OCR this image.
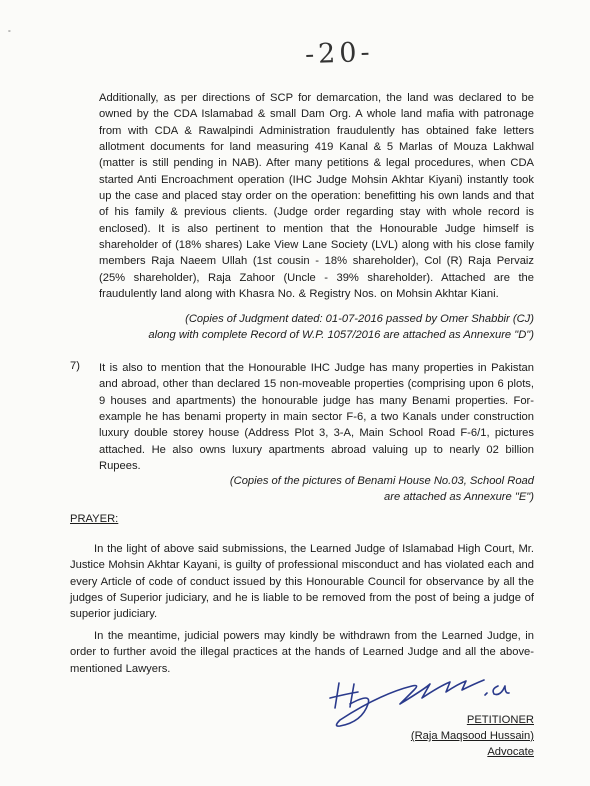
°
-20-

Additionally, as per directions of SCP for demarcation, the land was declared to be owned by the CDA Islamabad & small Dam Org. A whole land mafia with patronage from with CDA & Rawalpindi Administration fraudulently has obtained fake letters allotment documents for land measuring 419 Kanal & 5 Marlas of Mouza Lakhwal (matter is still pending in NAB). After many petitions & legal procedures, when CDA started Anti Encroachment operation (IHC Judge Mohsin Akhtar Kiyani) instantly took up the case and placed stay order on the operation: benefitting his own lands and that of his family & previous clients. (Judge order regarding stay with whole record is enclosed). It is also pertinent to mention that the Honourable Judge himself is shareholder of (18% shares) Lake View Lane Society (LVL) along with his close family members Raja Naeem Ullah (1st cousin - 18% shareholder), Col (R) Raja Pervaiz (25% shareholder), Raja Zahoor (Uncle - 39% shareholder). Attached are the fraudulently land along with Khasra No. & Registry Nos. on Mohsin Akhtar Kiani.

(Copies of Judgment dated: 01-07-2016 passed by Omer Shabbir (CJ)

along with complete Record of W.P. 1057/2016 are attached as Annexure "D")

7) It is also to mention that the Honourable IHC Judge has many properties in Pakistan and abroad, other than declared 15 non-moveable properties (comprising upon 6 plots, 9 houses and apartments) the honourable judge has many Benami properties. For-example he has benami property in main sector F-6, a two Kanals under construction luxury double storey house (Address Plot 3, 3-A, Main School Road F-6/1, pictures attached. He also owns luxury apartments abroad valuing up to nearly 02 billion Rupees.

(Copies of the pictures of Benami House No.03, School Road

are attached as Annexure "E")

PRAYER:

In the light of above said submissions, the Learned Judge of Islamabad High Court, Mr. Justice Mohsin Akhtar Kayani, is guilty of professional misconduct and has violated each and every Article of code of conduct issued by this Honourable Council for observance by all the judges of Superior judiciary, and he is liable to be removed from the post of being a judge of superior judiciary.

In the meantime, judicial powers may kindly be withdrawn from the Learned Judge, in order to further avoid the illegal practices at the hands of Learned Judge and all the above-mentioned Lawyers.

PETITIONER

(Raja Maqsood Hussain)

Advocate
